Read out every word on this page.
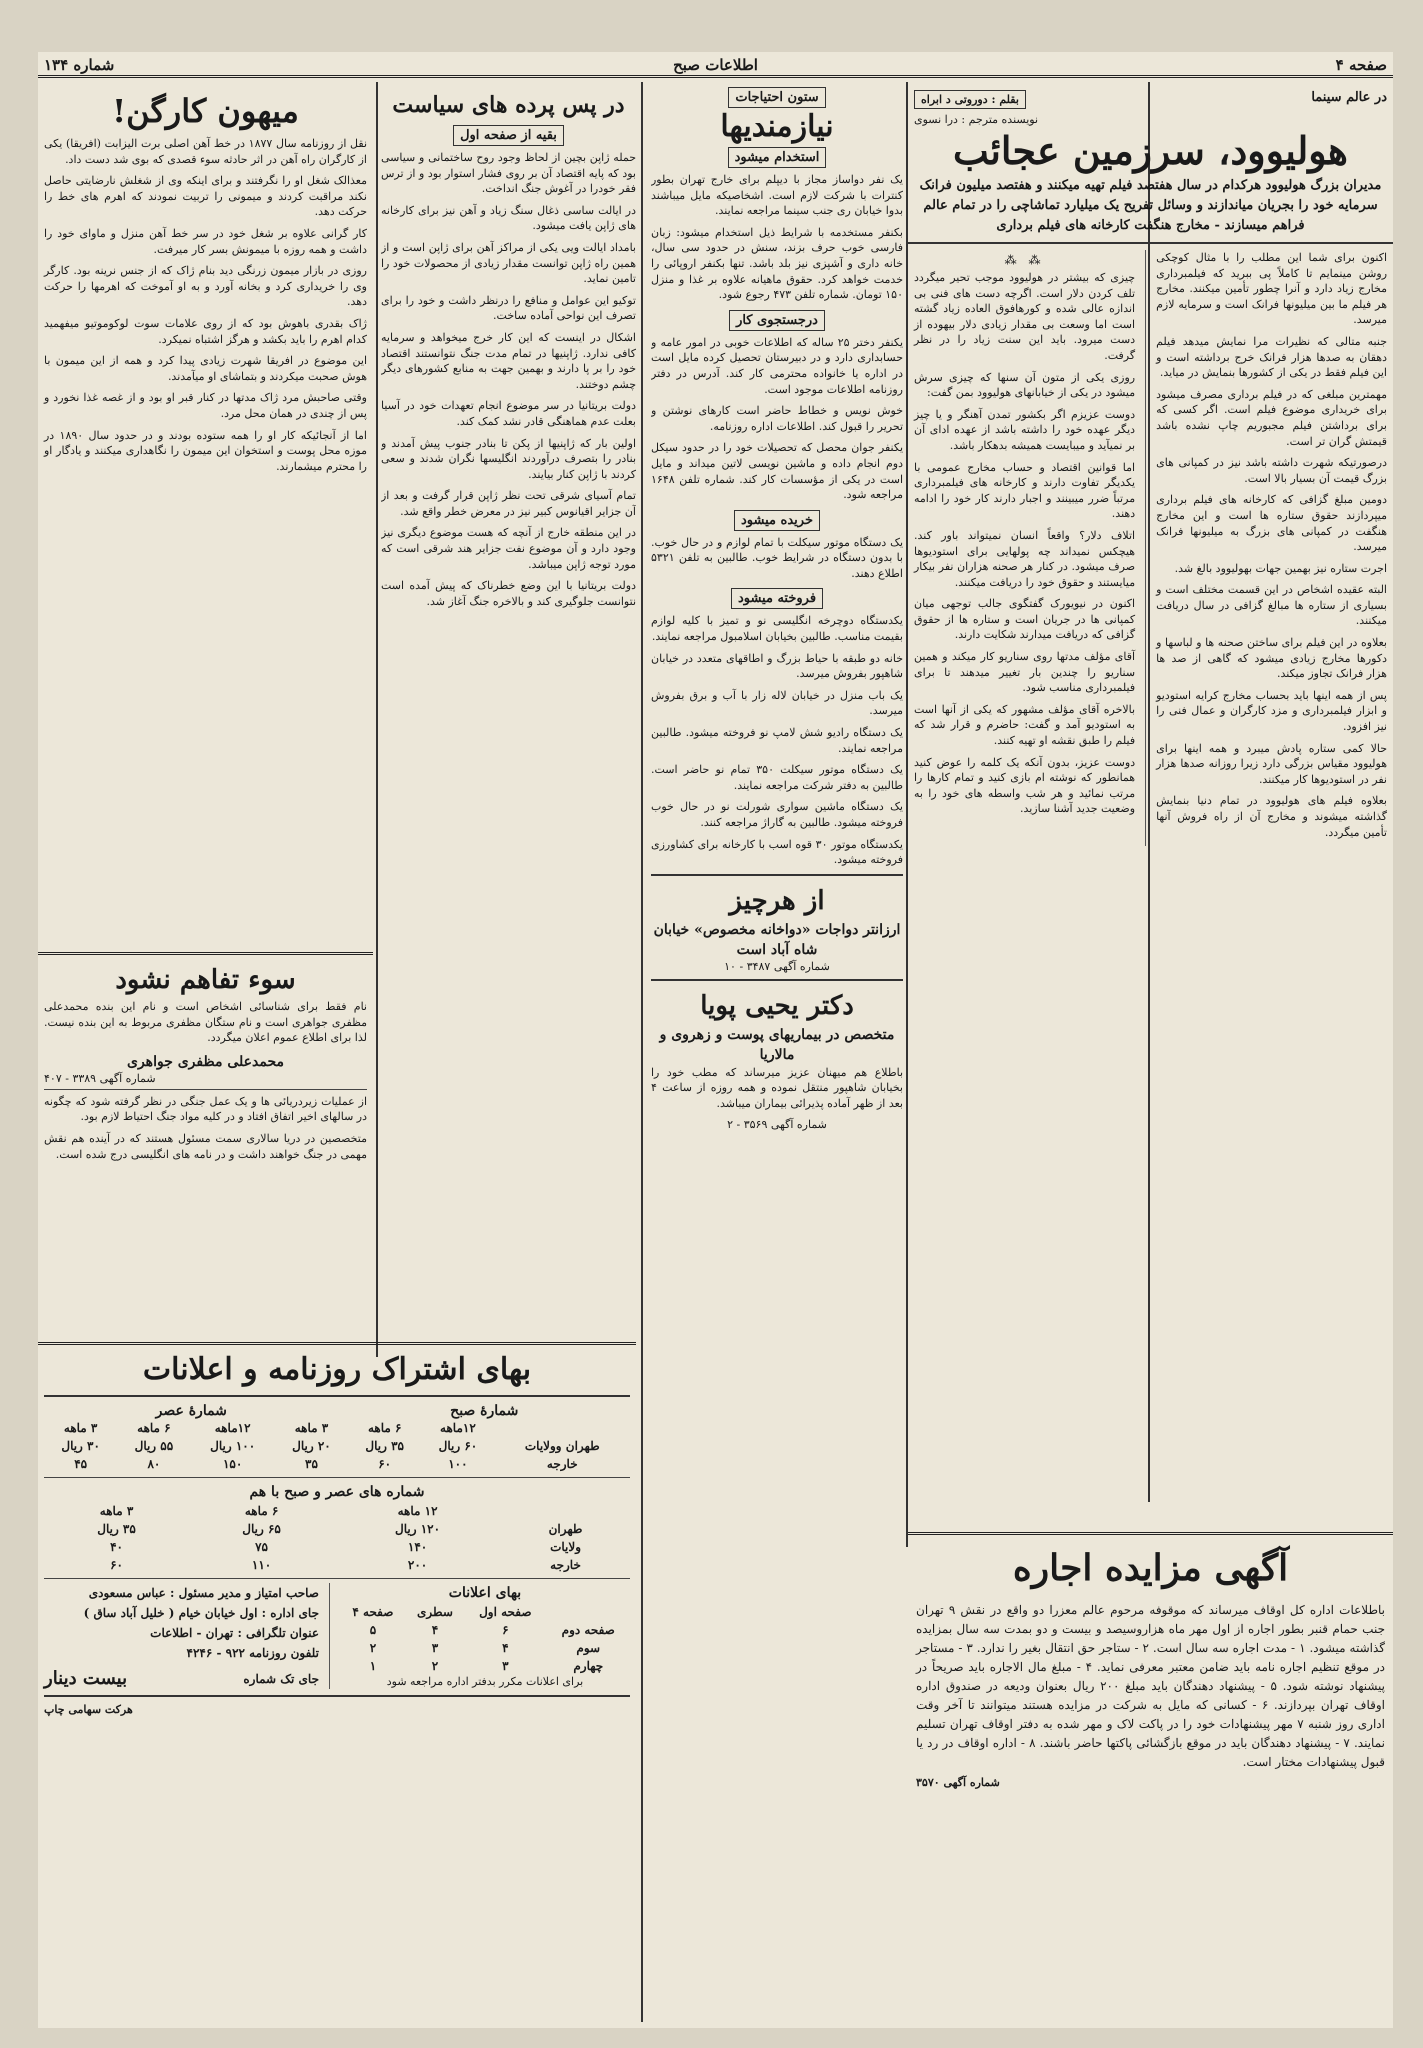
صفحه ۴
اطلاعات صبح
شماره ۱۳۴
در عالم سینما
بقلم : دوروتی د ابراه
نویسنده مترجم : درا نسوی
هولیوود، سرزمین عجائب
مدیران بزرگ هولیوود هرکدام در سال هفتصد فیلم تهیه میکنند و هفتصد میلیون فرانک سرمایه خود را بجریان میاندازند و وسائل تفریح یک میلیارد تماشاچی را در تمام عالم فراهم میسازند - مخارج هنگفت کارخانه های فیلم برداری

اکنون برای شما این مطلب را با مثال کوچکی روشن مینمایم تا کاملاً پی ببرید که فیلمبرداری مخارج زیاد دارد و آنرا چطور تأمین میکنند. مخارج هر فیلم ما بین میلیونها فرانک است و سرمایه لازم میرسد.

جنبه متالی که نظیرات مرا نمایش میدهد فیلم دهقان به صدها هزار فرانک خرج برداشته است و این فیلم فقط در یکی از کشورها بنمایش در میاید.

مهمترین مبلغی که در فیلم برداری مصرف میشود برای خریداری موضوع فیلم است. اگر کسی که برای برداشتن فیلم مجبوریم چاپ نشده باشد قیمتش گران تر است.

درصورتیکه شهرت داشته باشد نیز در کمپانی های بزرگ قیمت آن بسیار بالا است.

دومین مبلغ گزافی که کارخانه های فیلم برداری میپردازند حقوق ستاره ها است و این مخارج هنگفت در کمپانی های بزرگ به میلیونها فرانک میرسد.

اجرت ستاره نیز بهمین جهات بهولیوود بالغ شد.

البته عقیده اشخاص در این قسمت مختلف است و بسیاری از ستاره ها مبالغ گزافی در سال دریافت میکنند.

بعلاوه در این فیلم برای ساختن صحنه ها و لباسها و دکورها مخارج زیادی میشود که گاهی از صد ها هزار فرانک تجاوز میکند.

پس از همه اینها باید بحساب مخارج کرایه استودیو و ابزار فیلمبرداری و مزد کارگران و عمال فنی را نیز افزود.

حالا کمی ستاره پادش میبرد و همه اینها برای هولیوود مقیاس بزرگی دارد زیرا روزانه صدها هزار نفر در استودیوها کار میکنند.

بعلاوه فیلم های هولیوود در تمام دنیا بنمایش گذاشته میشوند و مخارج آن از راه فروش آنها تأمین میگردد.

⁂ ⁂

چیزی که بیشتر در هولیوود موجب تحیر میگردد تلف کردن دلار است. اگرچه دست های فنی بی اندازه عالی شده و کورهافوق العاده زیاد گشته است اما وسعت بی مقدار زیادی دلار بیهوده از دست میرود. باید این سنت زیاد را در نظر گرفت.

روزی یکی از متون آن سنها که چیزی سرش میشود در یکی از خیابانهای هولیوود بمن گفت:

دوست عزیزم اگر بکشور تمدن آهنگر و یا چیز دیگر عهده خود را داشته باشد از عهده ادای آن بر نمیآید و میبایست همیشه بدهکار باشد.

اما قوانین اقتصاد و حساب مخارج عمومی با یکدیگر تفاوت دارند و کارخانه های فیلمبرداری مرتباً ضرر میبینند و اجبار دارند کار خود را ادامه دهند.

اتلاف دلار؟ واقعاً انسان نمیتواند باور کند. هیچکس نمیداند چه پولهایی برای استودیوها صرف میشود. در کنار هر صحنه هزاران نفر بیکار میایستند و حقوق خود را دریافت میکنند.

اکنون در نیویورک گفتگوی جالب توجهی میان کمپانی ها در جریان است و ستاره ها از حقوق گزافی که دریافت میدارند شکایت دارند.

آقای مؤلف مدتها روی سناریو کار میکند و همین سناریو را چندین بار تغییر میدهند تا برای فیلمبرداری مناسب شود.

بالاخره آقای مؤلف مشهور که یکی از آنها است به استودیو آمد و گفت: حاضرم و قرار شد که فیلم را طبق نقشه او تهیه کنند.

دوست عزیز، بدون آنکه یک کلمه را عوض کنید همانطور که نوشته ام بازی کنید و تمام کارها را مرتب نمائید و هر شب واسطه های خود را به وضعیت جدید آشنا سازید.

آگهی مزایده اجاره

باطلاعات اداره کل اوقاف میرساند که موقوفه مرحوم عالم معزرا دو واقع در نقش ۹ تهران جنب حمام قنبر بطور اجاره از اول مهر ماه هزاروسیصد و بیست و دو بمدت سه سال بمزایده گذاشته میشود. ۱ - مدت اجاره سه سال است. ۲ - ستاجر حق انتقال بغیر را ندارد. ۳ - مستاجر در موقع تنظیم اجاره نامه باید ضامن معتبر معرفی نماید. ۴ - مبلغ مال الاجاره باید صریحاً در پیشنهاد نوشته شود. ۵ - پیشنهاد دهندگان باید مبلغ ۲۰۰ ریال بعنوان ودیعه در صندوق اداره اوقاف تهران بپردازند. ۶ - کسانی که مایل به شرکت در مزایده هستند میتوانند تا آخر وقت اداری روز شنبه ۷ مهر پیشنهادات خود را در پاکت لاک و مهر شده به دفتر اوقاف تهران تسلیم نمایند. ۷ - پیشنهاد دهندگان باید در موقع بازگشائی پاکتها حاضر باشند. ۸ - اداره اوقاف در رد یا قبول پیشنهادات مختار است.

شماره آگهی ۳۵۷۰

ستون احتیاجات
نیازمندیها
استخدام میشود

یک نفر دواساز مجاز با دیپلم برای خارج تهران بطور کنترات با شرکت لازم است. اشخاصیکه مایل میباشند بدوا خیابان ری جنب سینما مراجعه نمایند.

بکنفر مستخدمه با شرایط ذیل استخدام میشود: زبان فارسی خوب حرف بزند، سنش در حدود سی سال، خانه داری و آشپزی نیز بلد باشد. تنها بکنفر اروپائی را خدمت خواهد کرد. حقوق ماهیانه علاوه بر غذا و منزل ۱۵۰ تومان. شماره تلفن ۴۷۳ رجوع شود.

درجستجوی کار

یکنفر دختر ۲۵ ساله که اطلاعات خوبی در امور عامه و حسابداری دارد و در دبیرستان تحصیل کرده مایل است در اداره یا خانواده محترمی کار کند. آدرس در دفتر روزنامه اطلاعات موجود است.

خوش نویس و خطاط حاضر است کارهای نوشتن و تحریر را قبول کند. اطلاعات اداره روزنامه.

یکنفر جوان محصل که تحصیلات خود را در حدود سیکل دوم انجام داده و ماشین نویسی لاتین میداند و مایل است در یکی از مؤسسات کار کند. شماره تلفن ۱۶۴۸ مراجعه شود.

خریده میشود

یک دستگاه موتور سیکلت با تمام لوازم و در حال خوب. با بدون دستگاه در شرایط خوب. طالبین به تلفن ۵۳۲۱ اطلاع دهند.

فروخته میشود

یکدستگاه دوچرخه انگلیسی نو و تمیز با کلیه لوازم بقیمت مناسب. طالبین بخیابان اسلامبول مراجعه نمایند.

خانه دو طبقه با حیاط بزرگ و اطاقهای متعدد در خیابان شاهپور بفروش میرسد.

یک باب منزل در خیابان لاله زار با آب و برق بفروش میرسد.

یک دستگاه رادیو شش لامپ نو فروخته میشود. طالبین مراجعه نمایند.

یک دستگاه موتور سیکلت ۳۵۰ تمام نو حاضر است. طالبین به دفتر شرکت مراجعه نمایند.

یک دستگاه ماشین سواری شورلت نو در حال خوب فروخته میشود. طالبین به گاراژ مراجعه کنند.

یکدستگاه موتور ۳۰ قوه اسب با کارخانه برای کشاورزی فروخته میشود.

از هرچیز

ارزانتر دواجات «دواخانه مخصوص» خیابان شاه آباد است

شماره آگهی ۳۴۸۷ - ۱۰

دکتر یحیی پویا

متخصص در بیماریهای پوست و زهروی و مالاریا

باطلاع هم میهنان عزیز میرساند که مطب خود را بخیابان شاهپور منتقل نموده و همه روزه از ساعت ۴ بعد از ظهر آماده پذیرائی بیماران میباشد.

شماره آگهی ۳۵۶۹ - ۲

در پس پرده های سیاست
بقیه از صفحه اول

حمله ژاپن بچین از لحاظ وجود روح ساختمانی و سیاسی بود که پایه اقتصاد آن بر روی فشار استوار بود و از ترس فقر خودرا در آغوش جنگ انداخت.

در ایالت ساسی ذغال سنگ زیاد و آهن نیز برای کارخانه های ژاپن یافت میشود.

بامداد ایالت ویی یکی از مراکز آهن برای ژاپن است و از همین راه ژاپن توانست مقدار زیادی از محصولات خود را تامین نماید.

توکیو این عوامل و منافع را درنظر داشت و خود را برای تصرف این نواحی آماده ساخت.

اشکال در اینست که این کار خرج میخواهد و سرمایه کافی ندارد. ژاپنیها در تمام مدت جنگ نتوانستند اقتصاد خود را بر پا دارند و بهمین جهت به منابع کشورهای دیگر چشم دوختند.

دولت بریتانیا در سر موضوع انجام تعهدات خود در آسیا بعلت عدم هماهنگی قادر نشد کمک کند.

اولین بار که ژاپنیها از پکن تا بنادر جنوب پیش آمدند و بنادر را بتصرف درآوردند انگلیسها نگران شدند و سعی کردند با ژاپن کنار بیایند.

تمام آسیای شرقی تحت نظر ژاپن قرار گرفت و بعد از آن جزایر اقیانوس کبیر نیز در معرض خطر واقع شد.

در این منطقه خارج از آنچه که هست موضوع دیگری نیز وجود دارد و آن موضوع نفت جزایر هند شرقی است که مورد توجه ژاپن میباشد.

دولت بریتانیا با این وضع خطرناک که پیش آمده است نتوانست جلوگیری کند و بالاخره جنگ آغاز شد.

میهون کارگن!

نقل از روزنامه سال ۱۸۷۷ در خط آهن اصلی برت الیزابت (افریقا) یکی از کارگران راه آهن در اثر حادثه سوء قصدی که بوی شد دست داد.

معذالک شغل او را نگرفتند و برای اینکه وی از شغلش نارضایتی حاصل نکند مراقبت کردند و میمونی را تربیت نمودند که اهرم های خط را حرکت دهد.

کار گرانی علاوه بر شغل خود در سر خط آهن منزل و ماوای خود را داشت و همه روزه با میمونش بسر کار میرفت.

روزی در بازار میمون زرنگی دید بنام ژاک که از جنس نرینه بود. کارگر وی را خریداری کرد و بخانه آورد و به او آموخت که اهرمها را حرکت دهد.

ژاک بقدری باهوش بود که از روی علامات سوت لوکوموتیو میفهمید کدام اهرم را باید بکشد و هرگز اشتباه نمیکرد.

این موضوع در افریقا شهرت زیادی پیدا کرد و همه از این میمون با هوش صحبت میکردند و بتماشای او میآمدند.

وقتی صاحبش مرد ژاک مدتها در کنار قبر او بود و از غصه غذا نخورد و پس از چندی در همان محل مرد.

اما از آنجائیکه کار او را همه ستوده بودند و در حدود سال ۱۸۹۰ در موزه محل پوست و استخوان این میمون را نگاهداری میکنند و یادگار او را محترم میشمارند.

سوء تفاهم نشود

نام فقط برای شناسائی اشخاص است و نام این بنده محمدعلی مظفری جواهری است و نام ستگان مظفری مربوط به این بنده نیست. لذا برای اطلاع عموم اعلان میگردد.

محمدعلی مظفری جواهری

شماره آگهی ۳۳۸۹ - ۴۰۷

از عملیات زیردریائی ها و یک عمل جنگی در نظر گرفته شود که چگونه در سالهای اخیر اتفاق افتاد و در کلیه مواد جنگ احتیاط لازم بود.

متخصصین در دریا سالاری سمت مسئول هستند که در آینده هم نقش مهمی در جنگ خواهند داشت و در نامه های انگلیسی درج شده است.

بهای اشتراک روزنامه و اعلانات
شمارهٔ صبح
شمارهٔ عصر
	۱۲ماهه	۶ ماهه	۳ ماهه	۱۲ماهه	۶ ماهه	۳ ماهه
طهران وولایات	۶۰ ریال	۳۵ ریال	۲۰ ریال	۱۰۰ ریال	۵۵ ریال	۳۰ ریال
خارجه	۱۰۰	۶۰	۳۵	۱۵۰	۸۰	۴۵
شماره های عصر و صبح با هم
	۱۲ ماهه	۶ ماهه	۳ ماهه
طهران	۱۲۰ ریال	۶۵ ریال	۳۵ ریال
ولایات	۱۴۰	۷۵	۴۰
خارجه	۲۰۰	۱۱۰	۶۰
بهای اعلانات
	صفحه اول	سطری	صفحه ۴
صفحه دوم	۶	۴	۵
سوم	۴	۳	۲
چهارم	۳	۲	۱

برای اعلانات مکرر بدفتر اداره مراجعه شود

صاحب امتیاز و مدیر مسئول : عباس مسعودی

جای اداره : اول خیابان خیام ( خلیل آباد ساق )

عنوان تلگرافی : تهران - اطلاعات

تلفون روزنامه ۹۲۲ - ۴۲۴۶

جای تک شماره
بیست دینار

هرکت سهامی چاپ
